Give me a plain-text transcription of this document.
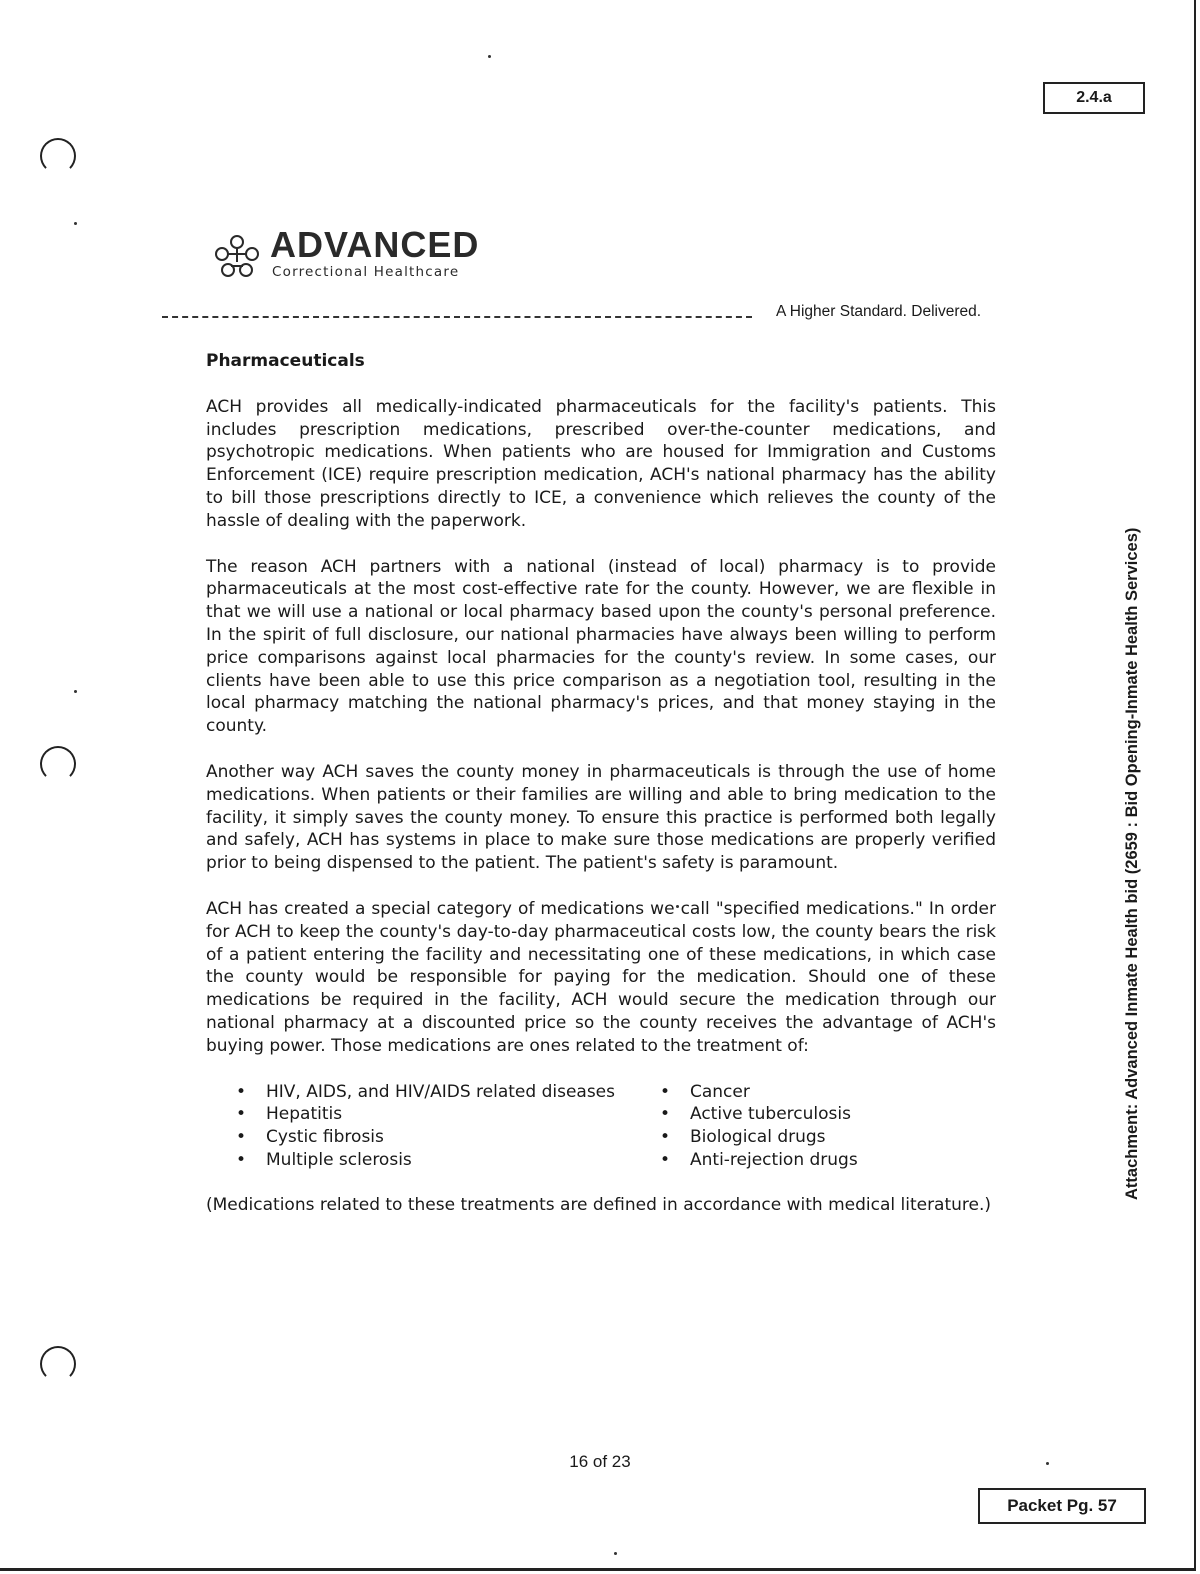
2.4.a
ADVANCED
Correctional Healthcare
A Higher Standard. Delivered.
Pharmaceuticals

ACH provides all medically-indicated pharmaceuticals for the facility's patients. This includes prescription medications, prescribed over-the-counter medications, and psychotropic medications. When patients who are housed for Immigration and Customs Enforcement (ICE) require prescription medication, ACH's national pharmacy has the ability to bill those prescriptions directly to ICE, a convenience which relieves the county of the hassle of dealing with the paperwork.

The reason ACH partners with a national (instead of local) pharmacy is to provide pharmaceuticals at the most cost-effective rate for the county. However, we are flexible in that we will use a national or local pharmacy based upon the county's personal preference. In the spirit of full disclosure, our national pharmacies have always been willing to perform price comparisons against local pharmacies for the county's review. In some cases, our clients have been able to use this price comparison as a negotiation tool, resulting in the local pharmacy matching the national pharmacy's prices, and that money staying in the county.

Another way ACH saves the county money in pharmaceuticals is through the use of home medications. When patients or their families are willing and able to bring medication to the facility, it simply saves the county money. To ensure this practice is performed both legally and safely, ACH has systems in place to make sure those medications are properly verified prior to being dispensed to the patient. The patient's safety is paramount.

ACH has created a special category of medications we call "specified medications." In order for ACH to keep the county's day-to-day pharmaceutical costs low, the county bears the risk of a patient entering the facility and necessitating one of these medications, in which case the county would be responsible for paying for the medication. Should one of these medications be required in the facility, ACH would secure the medication through our national pharmacy at a discounted price so the county receives the advantage of ACH's buying power. Those medications are ones related to the treatment of:

• HIV, AIDS, and HIV/AIDS related diseases
• Hepatitis
• Cystic fibrosis
• Multiple sclerosis
• Cancer
• Active tuberculosis
• Biological drugs
• Anti-rejection drugs

(Medications related to these treatments are defined in accordance with medical literature.)

Attachment: Advanced Inmate Health bid (2659 : Bid Opening-Inmate Health Services)
16 of 23
Packet Pg. 57
